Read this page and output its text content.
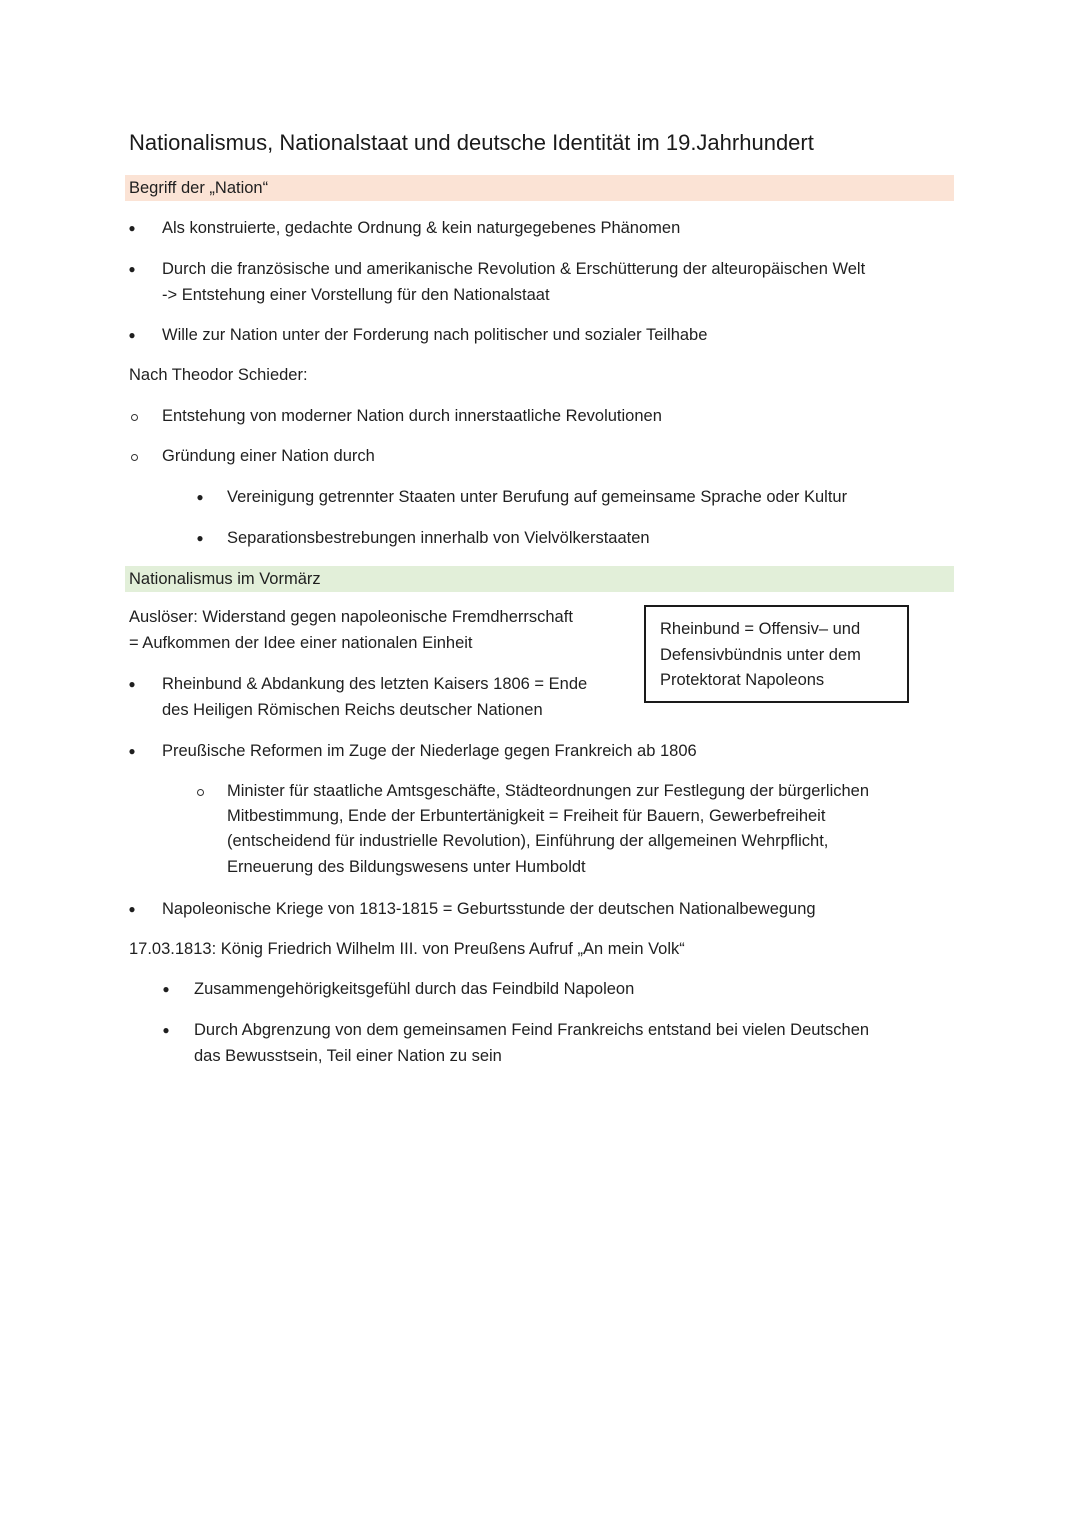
Nationalismus, Nationalstaat und deutsche Identität im 19.Jahrhundert
Begriff der „Nation“
● Als konstruierte, gedachte Ordnung & kein naturgegebenes Phänomen
● Durch die französische und amerikanische Revolution & Erschütterung der alteuropäischen Welt
-> Entstehung einer Vorstellung für den Nationalstaat
● Wille zur Nation unter der Forderung nach politischer und sozialer Teilhabe
Nach Theodor Schieder:
Entstehung von moderner Nation durch innerstaatliche Revolutionen
Gründung einer Nation durch
● Vereinigung getrennter Staaten unter Berufung auf gemeinsame Sprache oder Kultur
● Separationsbestrebungen innerhalb von Vielvölkerstaaten
Nationalismus im Vormärz
Auslöser: Widerstand gegen napoleonische Fremdherrschaft
= Aufkommen der Idee einer nationalen Einheit
● Rheinbund & Abdankung des letzten Kaisers 1806 = Ende
des Heiligen Römischen Reichs deutscher Nationen
Rheinbund = Offensiv– und
Defensivbündnis unter dem
Protektorat Napoleons
● Preußische Reformen im Zuge der Niederlage gegen Frankreich ab 1806
Minister für staatliche Amtsgeschäfte, Städteordnungen zur Festlegung der bürgerlichen
Mitbestimmung, Ende der Erbuntertänigkeit = Freiheit für Bauern, Gewerbefreiheit
(entscheidend für industrielle Revolution), Einführung der allgemeinen Wehrpflicht,
Erneuerung des Bildungswesens unter Humboldt
● Napoleonische Kriege von 1813-1815 = Geburtsstunde der deutschen Nationalbewegung
17.03.1813: König Friedrich Wilhelm III. von Preußens Aufruf „An mein Volk“
● Zusammengehörigkeitsgefühl durch das Feindbild Napoleon
● Durch Abgrenzung von dem gemeinsamen Feind Frankreichs entstand bei vielen Deutschen
das Bewusstsein, Teil einer Nation zu sein
